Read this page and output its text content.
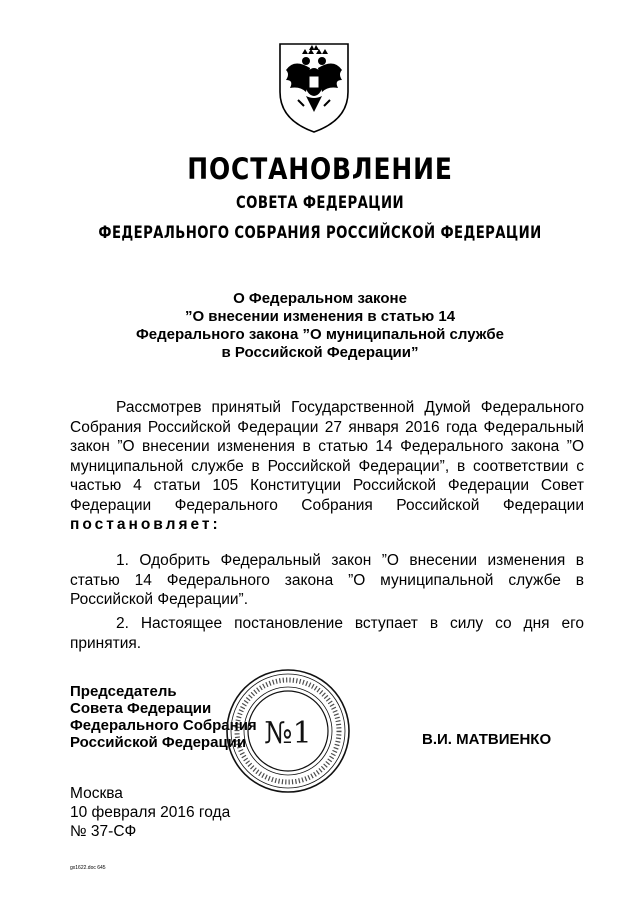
ПОСТАНОВЛЕНИЕ
СОВЕТА ФЕДЕРАЦИИ
ФЕДЕРАЛЬНОГО СОБРАНИЯ РОССИЙСКОЙ ФЕДЕРАЦИИ
О Федеральном законе
”О внесении изменения в статью 14
Федерального закона ”О муниципальной службе
в Российской Федерации”
Рассмотрев принятый Государственной Думой Федерального Собрания Российской Федерации 27 января 2016 года Федеральный закон ”О внесении изменения в статью 14 Федерального закона ”О муниципальной службе в Российской Федерации”, в соответствии с частью 4 статьи 105 Конституции Российской Федерации Совет Федерации Федерального Собрания Российской Федерации постановляет:
1. Одобрить Федеральный закон ”О внесении изменения в статью 14 Федерального закона ”О муниципальной службе в Российской Федерации”.
2. Настоящее постановление вступает в силу со дня его принятия.
Председатель
Совета Федерации
Федерального Собрания
Российской Федерации №1	В.И. МАТВИЕНКО
Москва
10 февраля 2016 года
№ 37-СФ
gx1622.doc 645
